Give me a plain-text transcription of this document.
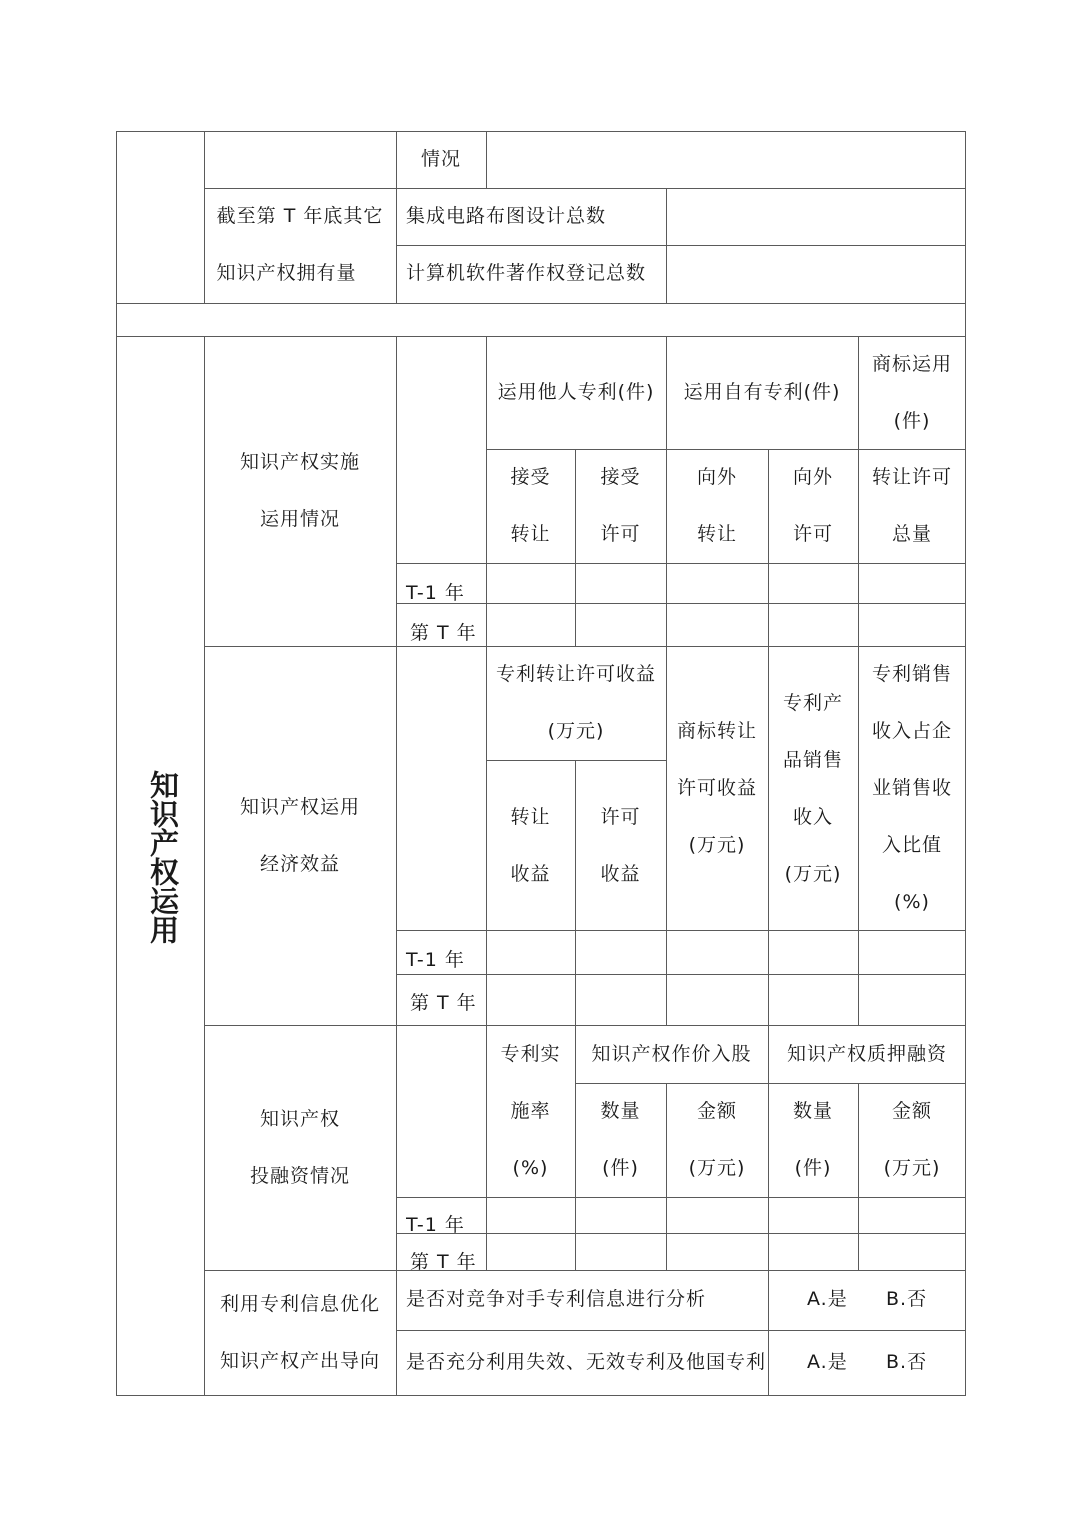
情况
截至第 T 年底其它
知识产权拥有量
集成电路布图设计总数
计算机软件著作权登记总数
知识产权运用
知识产权实施
运用情况
运用他人专利(件)	运用自有专利(件)
商标运用
(件)
接受
转让
接受
许可
向外
转让
向外
许可
转让许可
总量
T-1 年
第 T 年
知识产权运用
经济效益
专利转让许可收益
(万元)
转让
收益
许可
收益
商标转让
许可收益
(万元)
专利产
品销售
收入
(万元)
专利销售
收入占企
业销售收
入比值
(%)
T-1 年
第 T 年
知识产权
投融资情况
专利实
施率
(%)
知识产权作价入股	知识产权质押融资
数量
(件)
金额
(万元)
数量
(件)
金额
(万元)
T-1 年
第 T 年
利用专利信息优化
知识产权产出导向
是否对竞争对手专利信息进行分析
是否充分利用失效、无效专利及他国专利
A.是 B.否
A.是 B.否
